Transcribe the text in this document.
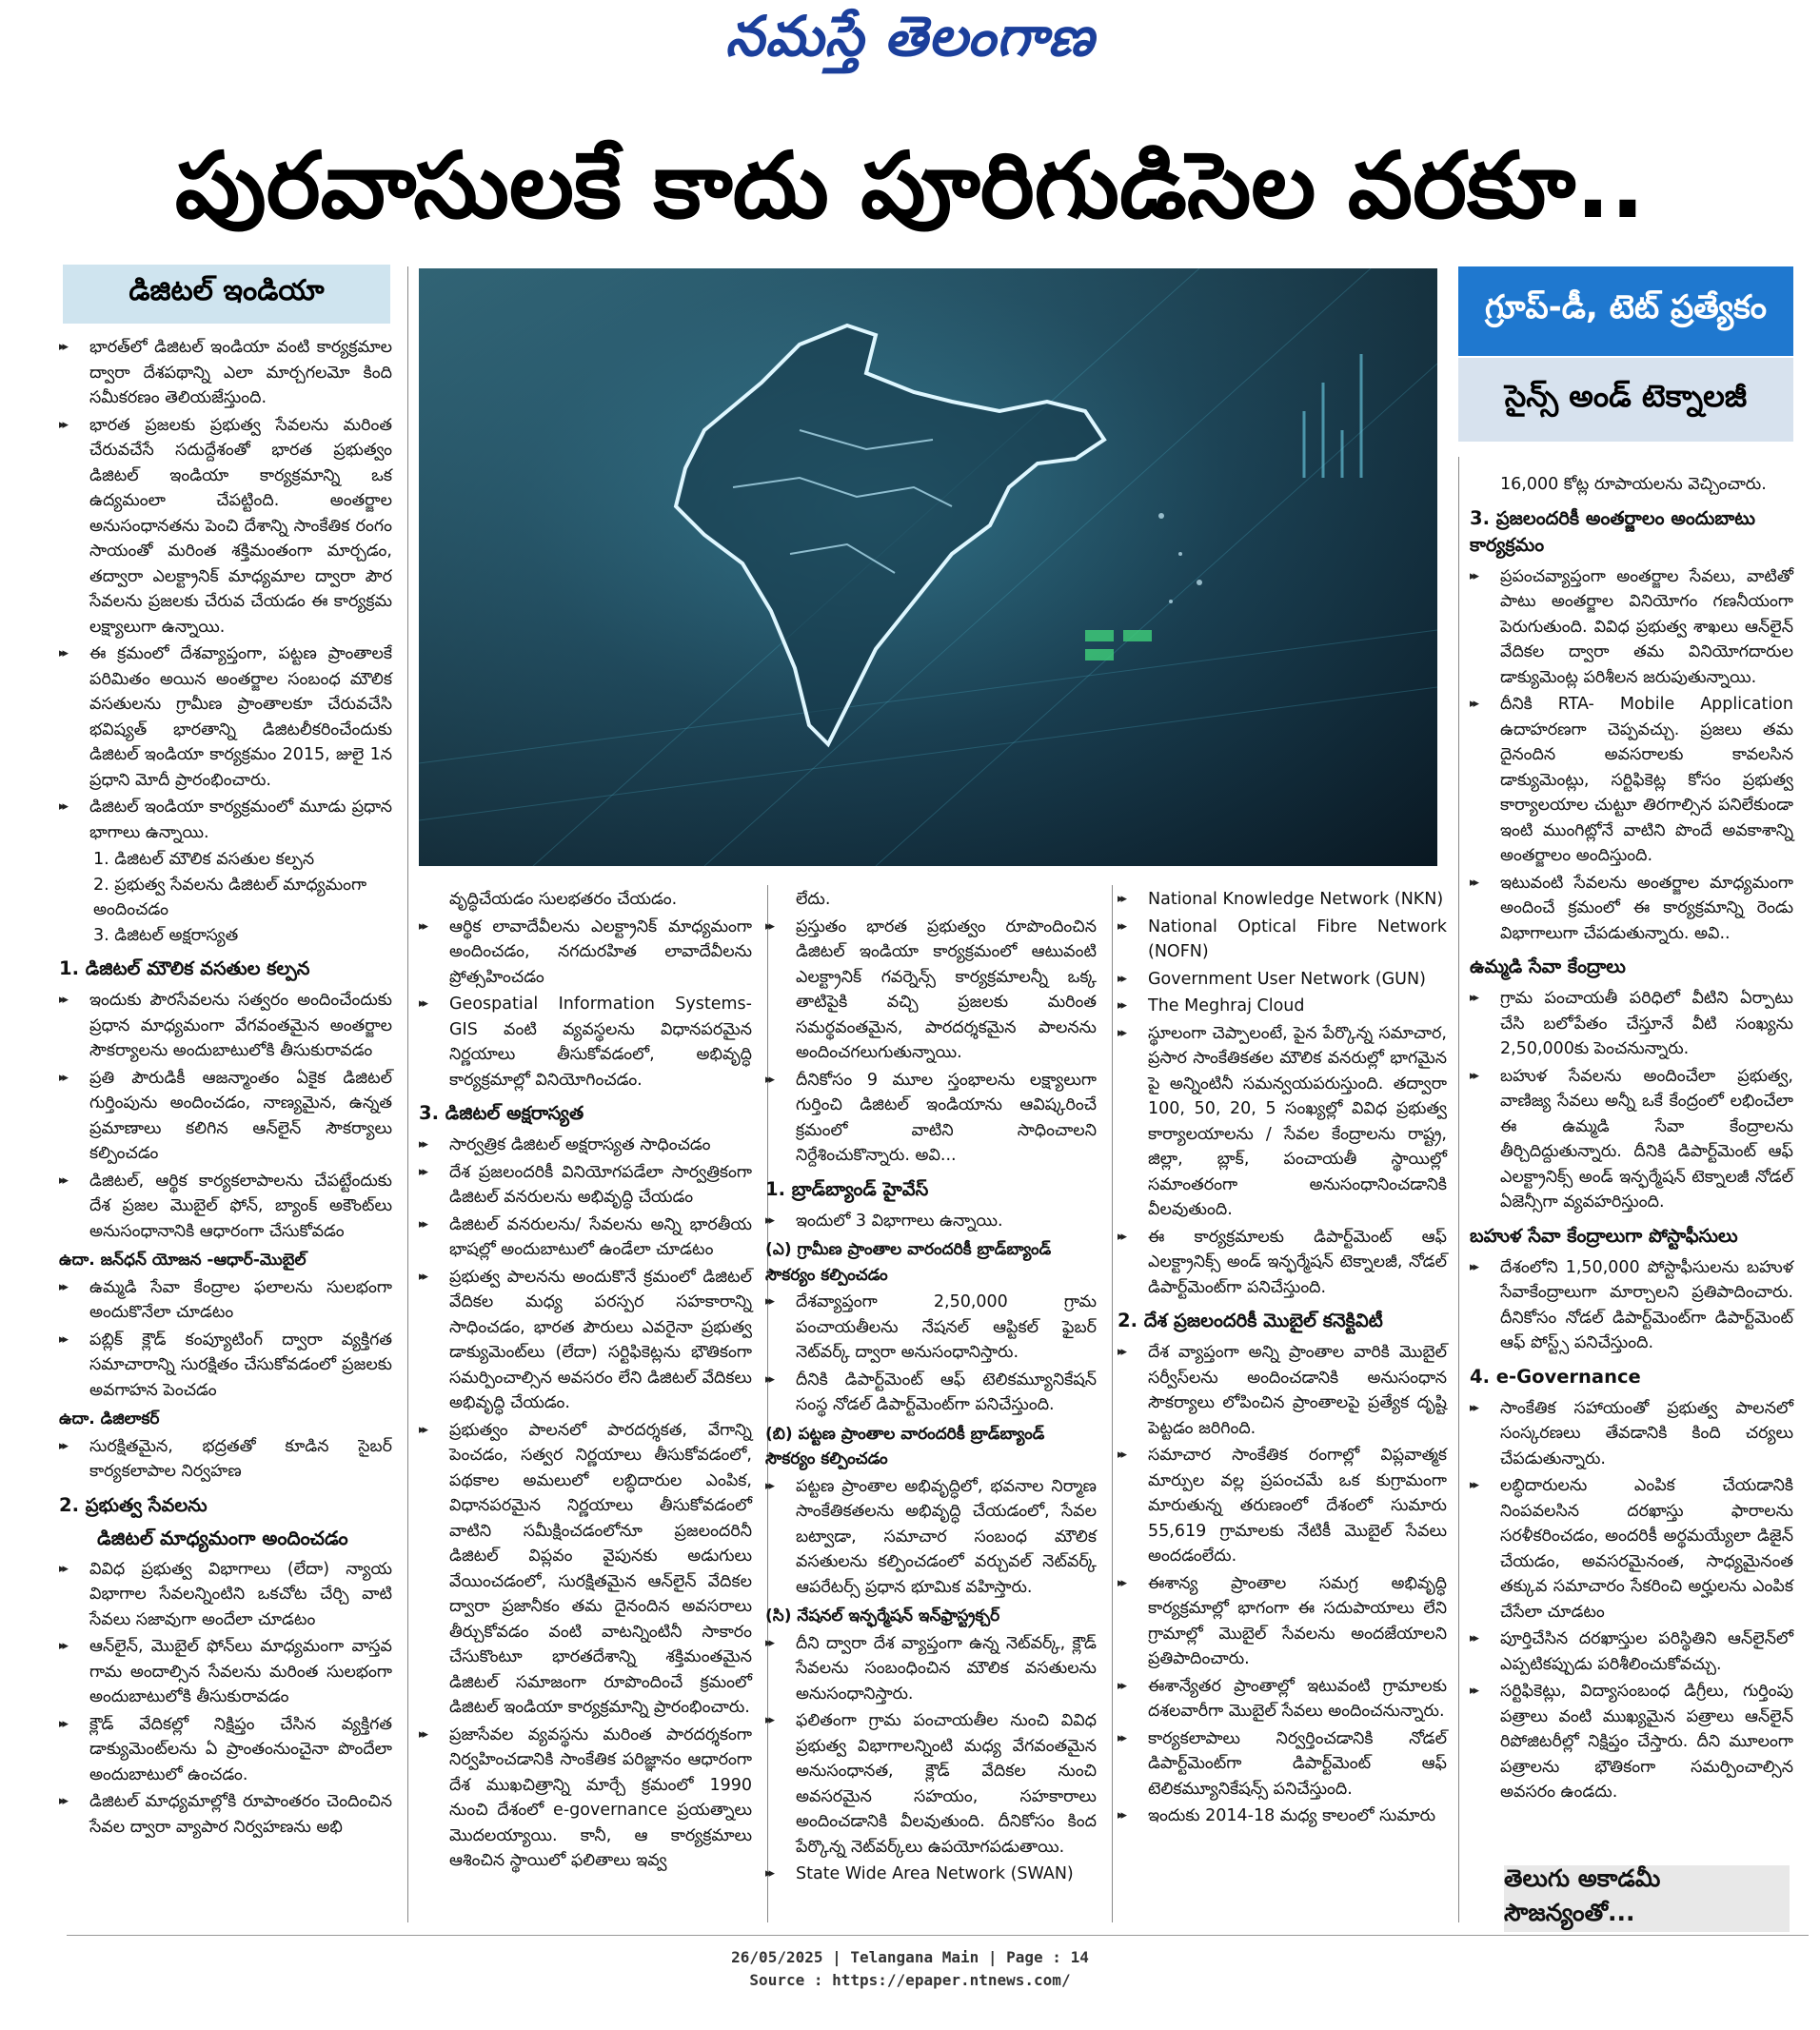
నమస్తే తెలంగాణ
పురవాసులకే కాదు పూరిగుడిసెల వరకూ..
డిజిటల్ ఇండియా	గ్రూప్-డీ, టెట్ ప్రత్యేకం
సైన్స్ అండ్ టెక్నాలజీ
▸▸ భారత్‌లో డిజిటల్ ఇండియా వంటి కార్యక్రమాల ద్వారా దేశపథాన్ని ఎలా మార్చగలమో కింది సమీకరణం తెలియజేస్తుంది.
▸▸ భారత ప్రజలకు ప్రభుత్వ సేవలను మరింత చేరువచేసే సదుద్దేశంతో భారత ప్రభుత్వం డిజిటల్ ఇండియా కార్యక్రమాన్ని ఒక ఉద్యమంలా చేపట్టింది. అంతర్జాల అనుసంధానతను పెంచి దేశాన్ని సాంకేతిక రంగం సాయంతో మరింత శక్తిమంతంగా మార్చడం, తద్వారా ఎలక్ట్రానిక్ మాధ్యమాల ద్వారా పౌర సేవలను ప్రజలకు చేరువ చేయడం ఈ కార్యక్రమ లక్ష్యాలుగా ఉన్నాయి.
▸▸ ఈ క్రమంలో దేశవ్యాప్తంగా, పట్టణ ప్రాంతాలకే పరిమితం అయిన అంతర్జాల సంబంధ మౌలిక వసతులను గ్రామీణ ప్రాంతాలకూ చేరువచేసి భవిష్యత్ భారతాన్ని డిజిటలీకరించేందుకు డిజిటల్ ఇండియా కార్యక్రమం 2015, జులై 1న ప్రధాని మోదీ ప్రారంభించారు.
▸▸ డిజిటల్ ఇండియా కార్యక్రమంలో మూడు ప్రధాన భాగాలు ఉన్నాయి.

1. డిజిటల్ మౌలిక వసతుల కల్పన

2. ప్రభుత్వ సేవలను డిజిటల్ మాధ్యమంగా అందించడం

3. డిజిటల్ అక్షరాస్యత

1. డిజిటల్ మౌలిక వసతుల కల్పన
▸▸ ఇందుకు పౌరసేవలను సత్వరం అందించేందుకు ప్రధాన మాధ్యమంగా వేగవంతమైన అంతర్జాల సౌకర్యాలను అందుబాటులోకి తీసుకురావడం
▸▸ ప్రతి పౌరుడికీ ఆజన్మాంతం ఏకైక డిజిటల్ గుర్తింపును అందించడం, నాణ్యమైన, ఉన్నత ప్రమాణాలు కలిగిన ఆన్‌లైన్ సౌకర్యాలు కల్పించడం
▸▸ డిజిటల్, ఆర్థిక కార్యకలాపాలను చేపట్టేందుకు దేశ ప్రజల మొబైల్ ఫోన్, బ్యాంక్ అకౌంట్‌లు అనుసంధానానికి ఆధారంగా చేసుకోవడం
ఉదా. జన్‌ధన్ యోజన -ఆధార్-మొబైల్
▸▸ ఉమ్మడి సేవా కేంద్రాల ఫలాలను సులభంగా అందుకొనేలా చూడటం
▸▸ పబ్లిక్ క్లౌడ్ కంప్యూటింగ్ ద్వారా వ్యక్తిగత సమాచారాన్ని సురక్షితం చేసుకోవడంలో ప్రజలకు అవగాహన పెంచడం
ఉదా. డిజిలాకర్
▸▸ సురక్షితమైన, భద్రతతో కూడిన సైబర్ కార్యకలాపాల నిర్వహణ
2. ప్రభుత్వ సేవలను
డిజిటల్ మాధ్యమంగా అందించడం
▸▸ వివిధ ప్రభుత్వ విభాగాలు (లేదా) న్యాయ విభాగాల సేవలన్నింటిని ఒకచోట చేర్చి వాటి సేవలు సజావుగా అందేలా చూడటం
▸▸ ఆన్‌లైన్, మొబైల్ ఫోన్‌లు మాధ్యమంగా వాస్తవ గామ అందాల్సిన సేవలను మరింత సులభంగా అందుబాటులోకి తీసుకురావడం
▸▸ క్లౌడ్ వేదికల్లో నిక్షిప్తం చేసిన వ్యక్తిగత డాక్యుమెంట్‌లను ఏ ప్రాంతంనుంచైనా పొందేలా అందుబాటులో ఉంచడం.
▸▸ డిజిటల్ మాధ్యమాల్లోకి రూపాంతరం చెందించిన సేవల ద్వారా వ్యాపార నిర్వహణను అభి

వృద్ధిచేయడం సులభతరం చేయడం.

▸▸ ఆర్థిక లావాదేవీలను ఎలక్ట్రానిక్ మాధ్యమంగా అందించడం, నగదురహిత లావాదేవీలను ప్రోత్సహించడం
▸▸ Geospatial Information Systems- GIS వంటి వ్యవస్థలను విధానపరమైన నిర్ణయాలు తీసుకోవడంలో, అభివృద్ధి కార్యక్రమాల్లో వినియోగించడం.
3. డిజిటల్ అక్షరాస్యత
▸▸ సార్వత్రిక డిజిటల్ అక్షరాస్యత సాధించడం
▸▸ దేశ ప్రజలందరికీ వినియోగపడేలా సార్వత్రికంగా డిజిటల్ వనరులను అభివృద్ధి చేయడం
▸▸ డిజిటల్ వనరులను/ సేవలను అన్ని భారతీయ భాషల్లో అందుబాటులో ఉండేలా చూడటం
▸▸ ప్రభుత్వ పాలనను అందుకొనే క్రమంలో డిజిటల్ వేదికల మధ్య పరస్పర సహకారాన్ని సాధించడం, భారత పౌరులు ఎవరైనా ప్రభుత్వ డాక్యుమెంట్‌లు (లేదా) సర్టిఫికెట్లను భౌతికంగా సమర్పించాల్సిన అవసరం లేని డిజిటల్ వేదికలు అభివృద్ధి చేయడం.
▸▸ ప్రభుత్వం పాలనలో పారదర్శకత, వేగాన్ని పెంచడం, సత్వర నిర్ణయాలు తీసుకోవడంలో, పథకాల అమలులో లబ్ధిదారుల ఎంపిక, విధానపరమైన నిర్ణయాలు తీసుకోవడంలో వాటిని సమీక్షించడంలోనూ ప్రజలందరినీ డిజిటల్ విప్లవం వైపునకు అడుగులు వేయించడంలో, సురక్షితమైన ఆన్‌లైన్ వేదికల ద్వారా ప్రజానీకం తమ దైనందిన అవసరాలు తీర్చుకోవడం వంటి వాటన్నింటినీ సాకారం చేసుకొంటూ భారతదేశాన్ని శక్తిమంతమైన డిజిటల్ సమాజంగా రూపొందించే క్రమంలో డిజిటల్ ఇండియా కార్యక్రమాన్ని ప్రారంభించారు.
▸▸ ప్రజాసేవల వ్యవస్థను మరింత పారదర్శకంగా నిర్వహించడానికి సాంకేతిక పరిజ్ఞానం ఆధారంగా దేశ ముఖచిత్రాన్ని మార్చే క్రమంలో 1990 నుంచి దేశంలో e-governance ప్రయత్నాలు మొదలయ్యాయి. కానీ, ఆ కార్యక్రమాలు ఆశించిన స్థాయిలో ఫలితాలు ఇవ్వ

లేదు.

▸▸ ప్రస్తుతం భారత ప్రభుత్వం రూపొందించిన డిజిటల్ ఇండియా కార్యక్రమంలో ఆటువంటి ఎలక్ట్రానిక్ గవర్నెన్స్ కార్యక్రమాలన్నీ ఒక్క తాటిపైకి వచ్చి ప్రజలకు మరింత సమర్థవంతమైన, పారదర్శకమైన పాలనను అందించగలుగుతున్నాయి.
▸▸ దీనికోసం 9 మూల స్తంభాలను లక్ష్యాలుగా గుర్తించి డిజిటల్ ఇండియాను ఆవిష్కరించే క్రమంలో వాటిని సాధించాలని నిర్దేశించుకొన్నారు. అవి...
1. బ్రాడ్‌బ్యాండ్ హైవేస్
▸▸ ఇందులో 3 విభాగాలు ఉన్నాయి.
(ఎ) గ్రామీణ ప్రాంతాల వారందరికీ బ్రాడ్‌బ్యాండ్ సౌకర్యం కల్పించడం
▸▸ దేశవ్యాప్తంగా 2,50,000 గ్రామ పంచాయతీలను నేషనల్ ఆప్టికల్ ఫైబర్ నెట్‌వర్క్ ద్వారా అనుసంధానిస్తారు.
▸▸ దీనికి డిపార్ట్‌మెంట్ ఆఫ్ టెలికమ్యూనికేషన్ సంస్థ నోడల్ డిపార్ట్‌మెంట్‌గా పనిచేస్తుంది.
(బి) పట్టణ ప్రాంతాల వారందరికీ బ్రాడ్‌బ్యాండ్ సౌకర్యం కల్పించడం
▸▸ పట్టణ ప్రాంతాల అభివృద్ధిలో, భవనాల నిర్మాణ సాంకేతికతలను అభివృద్ధి చేయడంలో, సేవల బట్వాడా, సమాచార సంబంధ మౌలిక వసతులను కల్పించడంలో వర్చువల్ నెట్‌వర్క్ ఆపరేటర్స్ ప్రధాన భూమిక వహిస్తారు.
(సి) నేషనల్ ఇన్ఫర్మేషన్ ఇన్‌ఫ్రాస్ట్రక్చర్
▸▸ దీని ద్వారా దేశ వ్యాప్తంగా ఉన్న నెట్‌వర్క్, క్లౌడ్ సేవలను సంబంధించిన మౌలిక వసతులను అనుసంధానిస్తారు.
▸▸ ఫలితంగా గ్రామ పంచాయతీల నుంచి వివిధ ప్రభుత్వ విభాగాలన్నింటి మధ్య వేగవంతమైన అనుసంధానత, క్లౌడ్ వేదికల నుంచి అవసరమైన సహయం, సహకారాలు అందించడానికి వీలవుతుంది. దీనికోసం కింద పేర్కొన్న నెట్‌వర్క్‌లు ఉపయోగపడుతాయి.
▸▸ State Wide Area Network (SWAN)
▸▸ National Knowledge Network (NKN)
▸▸ National Optical Fibre Network (NOFN)
▸▸ Government User Network (GUN)
▸▸ The Meghraj Cloud
▸▸ స్థూలంగా చెప్పాలంటే, పైన పేర్కొన్న సమాచార, ప్రసార సాంకేతికతల మౌలిక వనరుల్లో భాగమైన పై అన్నింటినీ సమన్వయపరుస్తుంది. తద్వారా 100, 50, 20, 5 సంఖ్యల్లో వివిధ ప్రభుత్వ కార్యాలయాలను / సేవల కేంద్రాలను రాష్ట్ర, జిల్లా, బ్లాక్, పంచాయతీ స్థాయిల్లో సమాంతరంగా అనుసంధానించడానికి వీలవుతుంది.
▸▸ ఈ కార్యక్రమాలకు డిపార్ట్‌మెంట్ ఆఫ్ ఎలక్ట్రానిక్స్ అండ్ ఇన్ఫర్మేషన్ టెక్నాలజీ, నోడల్ డిపార్ట్‌మెంట్‌గా పనిచేస్తుంది.
2. దేశ ప్రజలందరికీ మొబైల్ కనెక్టివిటీ
▸▸ దేశ వ్యాప్తంగా అన్ని ప్రాంతాల వారికి మొబైల్ సర్వీస్‌లను అందించడానికి అనుసంధాన సౌకర్యాలు లోపించిన ప్రాంతాలపై ప్రత్యేక దృష్టి పెట్టడం జరిగింది.
▸▸ సమాచార సాంకేతిక రంగాల్లో విప్లవాత్మక మార్పుల వల్ల ప్రపంచమే ఒక కుగ్రామంగా మారుతున్న తరుణంలో దేశంలో సుమారు 55,619 గ్రామాలకు నేటికీ మొబైల్ సేవలు అందడంలేదు.
▸▸ ఈశాన్య ప్రాంతాల సమగ్ర అభివృద్ధి కార్యక్రమాల్లో భాగంగా ఈ సదుపాయాలు లేని గ్రామాల్లో మొబైల్ సేవలను అందజేయాలని ప్రతిపాదించారు.
▸▸ ఈశాన్యేతర ప్రాంతాల్లో ఇటువంటి గ్రామాలకు దశలవారీగా మొబైల్ సేవలు అందించనున్నారు.
▸▸ కార్యకలాపాలు నిర్వర్తించడానికి నోడల్ డిపార్ట్‌మెంట్‌గా డిపార్ట్‌మెంట్ ఆఫ్ టెలికమ్యూనికేషన్స్ పనిచేస్తుంది.
▸▸ ఇందుకు 2014-18 మధ్య కాలంలో సుమారు

16,000 కోట్ల రూపాయలను వెచ్చించారు.

3. ప్రజలందరికీ అంతర్జాలం అందుబాటు కార్యక్రమం
▸▸ ప్రపంచవ్యాప్తంగా అంతర్జాల సేవలు, వాటితో పాటు అంతర్జాల వినియోగం గణనీయంగా పెరుగుతుంది. వివిధ ప్రభుత్వ శాఖలు ఆన్‌లైన్ వేదికల ద్వారా తమ వినియోగదారుల డాక్యుమెంట్ల పరిశీలన జరుపుతున్నాయి.
▸▸ దీనికి RTA- Mobile Application ఉదాహరణగా చెప్పవచ్చు. ప్రజలు తమ దైనందిన అవసరాలకు కావలసిన డాక్యుమెంట్లు, సర్టిఫికెట్ల కోసం ప్రభుత్వ కార్యాలయాల చుట్టూ తిరగాల్సిన పనిలేకుండా ఇంటి ముంగిట్లోనే వాటిని పొందే అవకాశాన్ని అంతర్జాలం అందిస్తుంది.
▸▸ ఇటువంటి సేవలను అంతర్జాల మాధ్యమంగా అందించే క్రమంలో ఈ కార్యక్రమాన్ని రెండు విభాగాలుగా చేపడుతున్నారు. అవి..
ఉమ్మడి సేవా కేంద్రాలు
▸▸ గ్రామ పంచాయతీ పరిధిలో వీటిని ఏర్పాటు చేసి బలోపేతం చేస్తూనే వీటి సంఖ్యను 2,50,000కు పెంచనున్నారు.
▸▸ బహుళ సేవలను అందించేలా ప్రభుత్వ, వాణిజ్య సేవలు అన్నీ ఒకే కేంద్రంలో లభించేలా ఈ ఉమ్మడి సేవా కేంద్రాలను తీర్చిదిద్దుతున్నారు. దీనికి డిపార్ట్‌మెంట్ ఆఫ్ ఎలక్ట్రానిక్స్ అండ్ ఇన్ఫర్మేషన్ టెక్నాలజీ నోడల్ ఏజెన్సీగా వ్యవహరిస్తుంది.
బహుళ సేవా కేంద్రాలుగా పోస్టాఫీసులు
▸▸ దేశంలోని 1,50,000 పోస్టాఫీసులను బహుళ సేవాకేంద్రాలుగా మార్చాలని ప్రతిపాదించారు. దీనికోసం నోడల్ డిపార్ట్‌మెంట్‌గా డిపార్ట్‌మెంట్ ఆఫ్ పోస్ట్స్ పనిచేస్తుంది.
4. e-Governance
▸▸ సాంకేతిక సహాయంతో ప్రభుత్వ పాలనలో సంస్కరణలు తేవడానికి కింది చర్యలు చేపడుతున్నారు.
▸▸ లబ్ధిదారులను ఎంపిక చేయడానికి నింపవలసిన దరఖాస్తు ఫారాలను సరళీకరించడం, అందరికీ అర్థమయ్యేలా డిజైన్ చేయడం, అవసరమైనంత, సాధ్యమైనంత తక్కువ సమాచారం సేకరించి అర్హులను ఎంపిక చేసేలా చూడటం
▸▸ పూర్తిచేసిన దరఖాస్తుల పరిస్థితిని ఆన్‌లైన్‌లో ఎప్పటికప్పుడు పరిశీలించుకోవచ్చు.
▸▸ సర్టిఫికెట్లు, విద్యాసంబంధ డిగ్రీలు, గుర్తింపు పత్రాలు వంటి ముఖ్యమైన పత్రాలు ఆన్‌లైన్ రిపోజిటరీల్లో నిక్షిప్తం చేస్తారు. దీని మూలంగా పత్రాలను భౌతికంగా సమర్పించాల్సిన అవసరం ఉండదు.
తెలుగు అకాడమీ సౌజన్యంతో...
26/05/2025 | Telangana Main | Page : 14
Source : https://epaper.ntnews.com/
